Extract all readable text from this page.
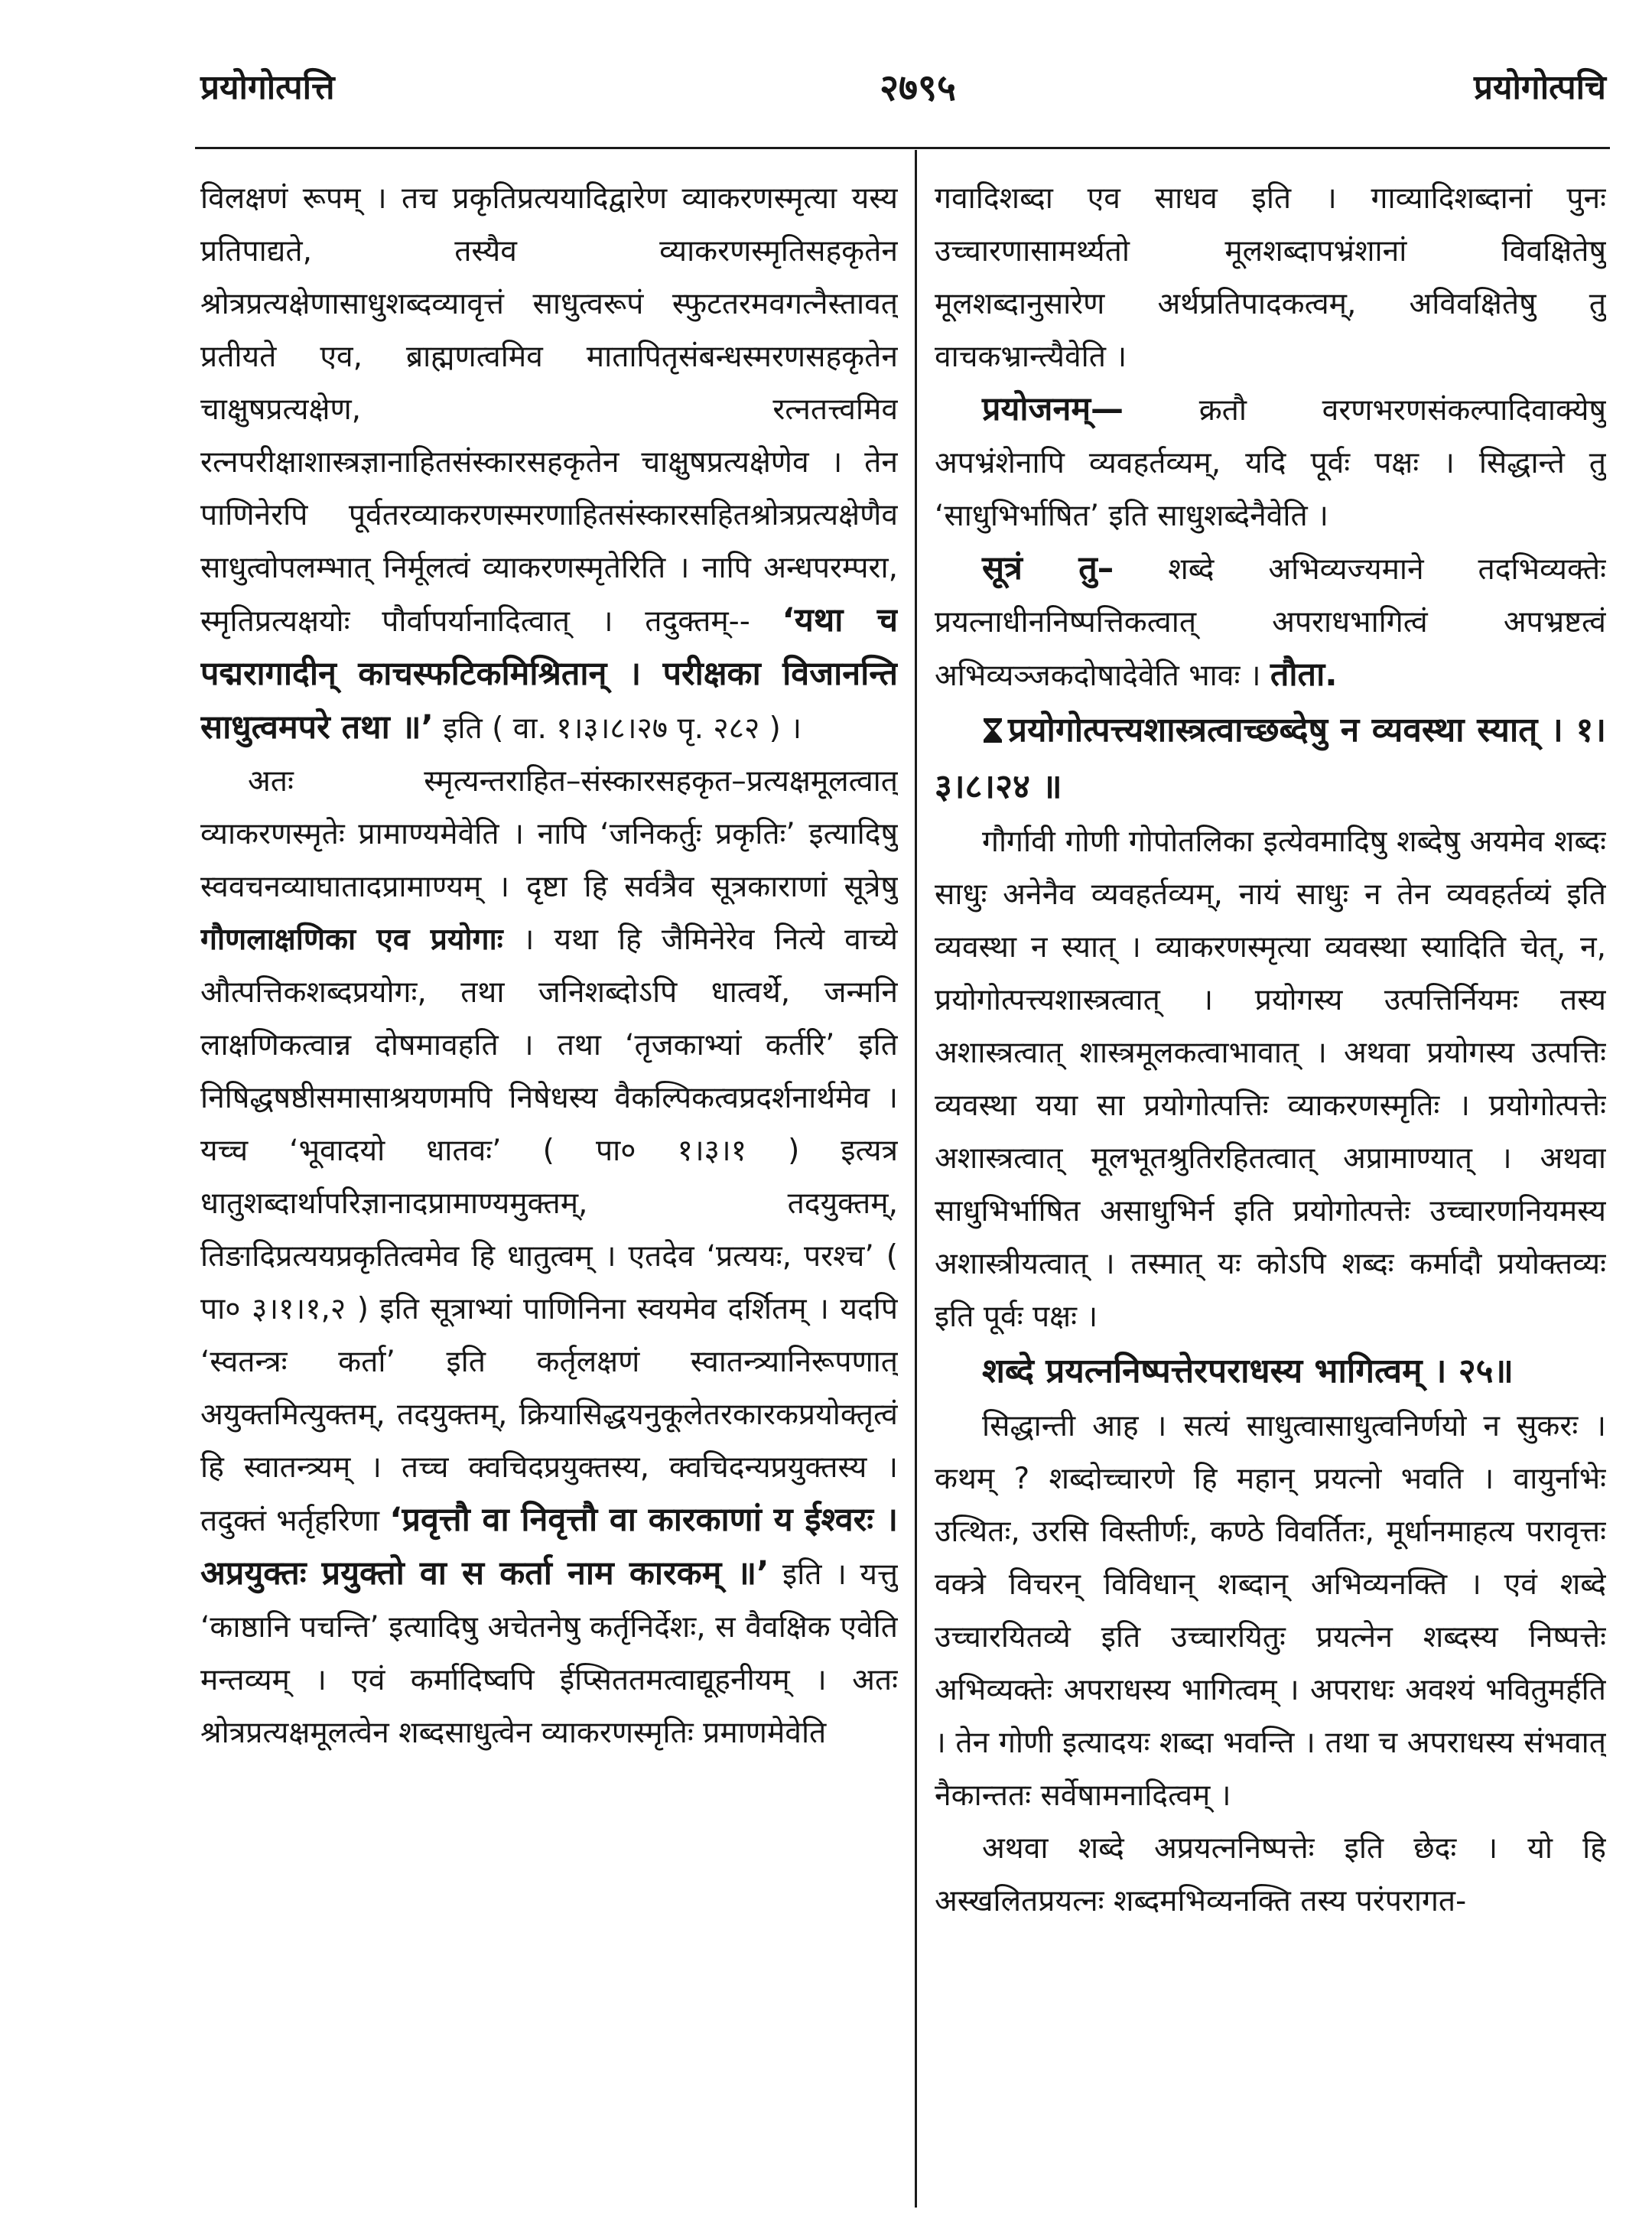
प्रयोगोत्पत्ति	२७९५	प्रयोगोत्पचि

विलक्षणं रूपम् । तच प्रकृतिप्रत्ययादिद्वारेण व्याकरणस्मृत्या यस्य प्रतिपाद्यते, तस्यैव व्याकरणस्मृतिसहकृतेन श्रोत्रप्रत्यक्षेणासाधुशब्दव्यावृत्तं साधुत्वरूपं स्फुटतरमवगत्नैस्तावत् प्रतीयते एव, ब्राह्मणत्वमिव मातापितृसंबन्धस्मरणसहकृतेन चाक्षुषप्रत्यक्षेण, रत्नतत्त्वमिव रत्नपरीक्षाशास्त्रज्ञानाहितसंस्कारसहकृतेन चाक्षुषप्रत्यक्षेणेव । तेन पाणिनेरपि पूर्वतरव्याकरणस्मरणाहितसंस्कारसहितश्रोत्रप्रत्यक्षेणैव साधुत्वोपलम्भात् निर्मूलत्वं व्याकरणस्मृतेरिति । नापि अन्धपरम्परा, स्मृतिप्रत्यक्षयोः पौर्वापर्यानादित्वात् । तदुक्तम्-- ‘यथा च पद्मरागादीन् काचस्फटिकमिश्रितान् । परीक्षका विजानन्ति साधुत्वमपरे तथा ॥’ इति ( वा. १।३।८।२७ पृ. २८२ ) ।

अतः स्मृत्यन्तराहित–संस्कारसहकृत–प्रत्यक्षमूलत्वात् व्याकरणस्मृतेः प्रामाण्यमेवेति । नापि ‘जनिकर्तुः प्रकृतिः’ इत्यादिषु स्ववचनव्याघातादप्रामाण्यम् । दृष्टा हि सर्वत्रैव सूत्रकाराणां सूत्रेषु गौणलाक्षणिका एव प्रयोगाः । यथा हि जैमिनेरेव नित्ये वाच्ये औत्पत्तिकशब्दप्रयोगः, तथा जनिशब्दोऽपि धात्वर्थे, जन्मनि लाक्षणिकत्वान्न दोषमावहति । तथा ‘तृजकाभ्यां कर्तरि’ इति निषिद्धषष्ठीसमासाश्रयणमपि निषेधस्य वैकल्पिकत्वप्रदर्शनार्थमेव । यच्च ‘भूवादयो धातवः’ ( पा० १।३।१ ) इत्यत्र धातुशब्दार्थापरिज्ञानादप्रामाण्यमुक्तम्, तदयुक्तम्, तिङादिप्रत्ययप्रकृतित्वमेव हि धातुत्वम् । एतदेव ‘प्रत्ययः, परश्च’ ( पा० ३।१।१,२ ) इति सूत्राभ्यां पाणिनिना स्वयमेव दर्शितम् । यदपि ‘स्वतन्त्रः कर्ता’ इति कर्तृलक्षणं स्वातन्त्र्यानिरूपणात् अयुक्तमित्युक्तम्, तदयुक्तम्, क्रियासिद्धयनुकूलेतरकारकप्रयोक्तृत्वं हि स्वातन्त्र्यम् । तच्च क्वचिदप्रयुक्तस्य, क्वचिदन्यप्रयुक्तस्य । तदुक्तं भर्तृहरिणा ‘प्रवृत्तौ वा निवृत्तौ वा कारकाणां य ईश्वरः । अप्रयुक्तः प्रयुक्तो वा स कर्ता नाम कारकम् ॥’ इति । यत्तु ‘काष्ठानि पचन्ति’ इत्यादिषु अचेतनेषु कर्तृनिर्देशः, स वैवक्षिक एवेति मन्तव्यम् । एवं कर्मादिष्वपि ईप्सिततमत्वाद्यूहनीयम् । अतः श्रोत्रप्रत्यक्षमूलत्वेन शब्दसाधुत्वेन व्याकरणस्मृतिः प्रमाणमेवेति

गवादिशब्दा एव साधव इति । गाव्यादिशब्दानां पुनः उच्चारणासामर्थ्यतो मूलशब्दापभ्रंशानां विवक्षितेषु मूलशब्दानुसारेण अर्थप्रतिपादकत्वम्, अविवक्षितेषु तु वाचकभ्रान्त्यैवेति ।

प्रयोजनम्— क्रतौ वरणभरणसंकल्पादिवाक्येषु अपभ्रंशेनापि व्यवहर्तव्यम्, यदि पूर्वः पक्षः । सिद्धान्ते तु ‘साधुभिर्भाषित’ इति साधुशब्देनैवेति ।

सूत्रं तु– शब्दे अभिव्यज्यमाने तदभिव्यक्तेः प्रयत्नाधीननिष्पत्तिकत्वात् अपराधभागित्वं अपभ्रष्टत्वं अभिव्यञ्जकदोषादेवेति भावः । तौता.

प्रयोगोत्पत्त्यशास्त्रत्वाच्छब्देषु न व्यवस्था स्यात् । १।३।८।२४ ॥

गौर्गावी गोणी गोपोतलिका इत्येवमादिषु शब्देषु अयमेव शब्दः साधुः अनेनैव व्यवहर्तव्यम्, नायं साधुः न तेन व्यवहर्तव्यं इति व्यवस्था न स्यात् । व्याकरणस्मृत्या व्यवस्था स्यादिति चेत्, न, प्रयोगोत्पत्त्यशास्त्रत्वात् । प्रयोगस्य उत्पत्तिर्नियमः तस्य अशास्त्रत्वात् शास्त्रमूलकत्वाभावात् । अथवा प्रयोगस्य उत्पत्तिः व्यवस्था यया सा प्रयोगोत्पत्तिः व्याकरणस्मृतिः । प्रयोगोत्पत्तेः अशास्त्रत्वात् मूलभूतश्रुतिरहितत्वात् अप्रामाण्यात् । अथवा साधुभिर्भाषित असाधुभिर्न इति प्रयोगोत्पत्तेः उच्चारणनियमस्य अशास्त्रीयत्वात् । तस्मात् यः कोऽपि शब्दः कर्मादौ प्रयोक्तव्यः इति पूर्वः पक्षः ।

शब्दे प्रयत्ननिष्पत्तेरपराधस्य भागित्वम् । २५॥

सिद्धान्ती आह । सत्यं साधुत्वासाधुत्वनिर्णयो न सुकरः । कथम् ? शब्दोच्चारणे हि महान् प्रयत्नो भवति । वायुर्नाभेः उत्थितः, उरसि विस्तीर्णः, कण्ठे विवर्तितः, मूर्धानमाहत्य परावृत्तः वक्त्रे विचरन् विविधान् शब्दान् अभिव्यनक्ति । एवं शब्दे उच्चारयितव्ये इति उच्चारयितुः प्रयत्नेन शब्दस्य निष्पत्तेः अभिव्यक्तेः अपराधस्य भागित्वम् । अपराधः अवश्यं भवितुमर्हति । तेन गोणी इत्यादयः शब्दा भवन्ति । तथा च अपराधस्य संभवात् नैकान्ततः सर्वेषामनादित्वम् ।

अथवा शब्दे अप्रयत्ननिष्पत्तेः इति छेदः । यो हि अस्खलितप्रयत्नः शब्दमभिव्यनक्ति तस्य परंपरागत-
